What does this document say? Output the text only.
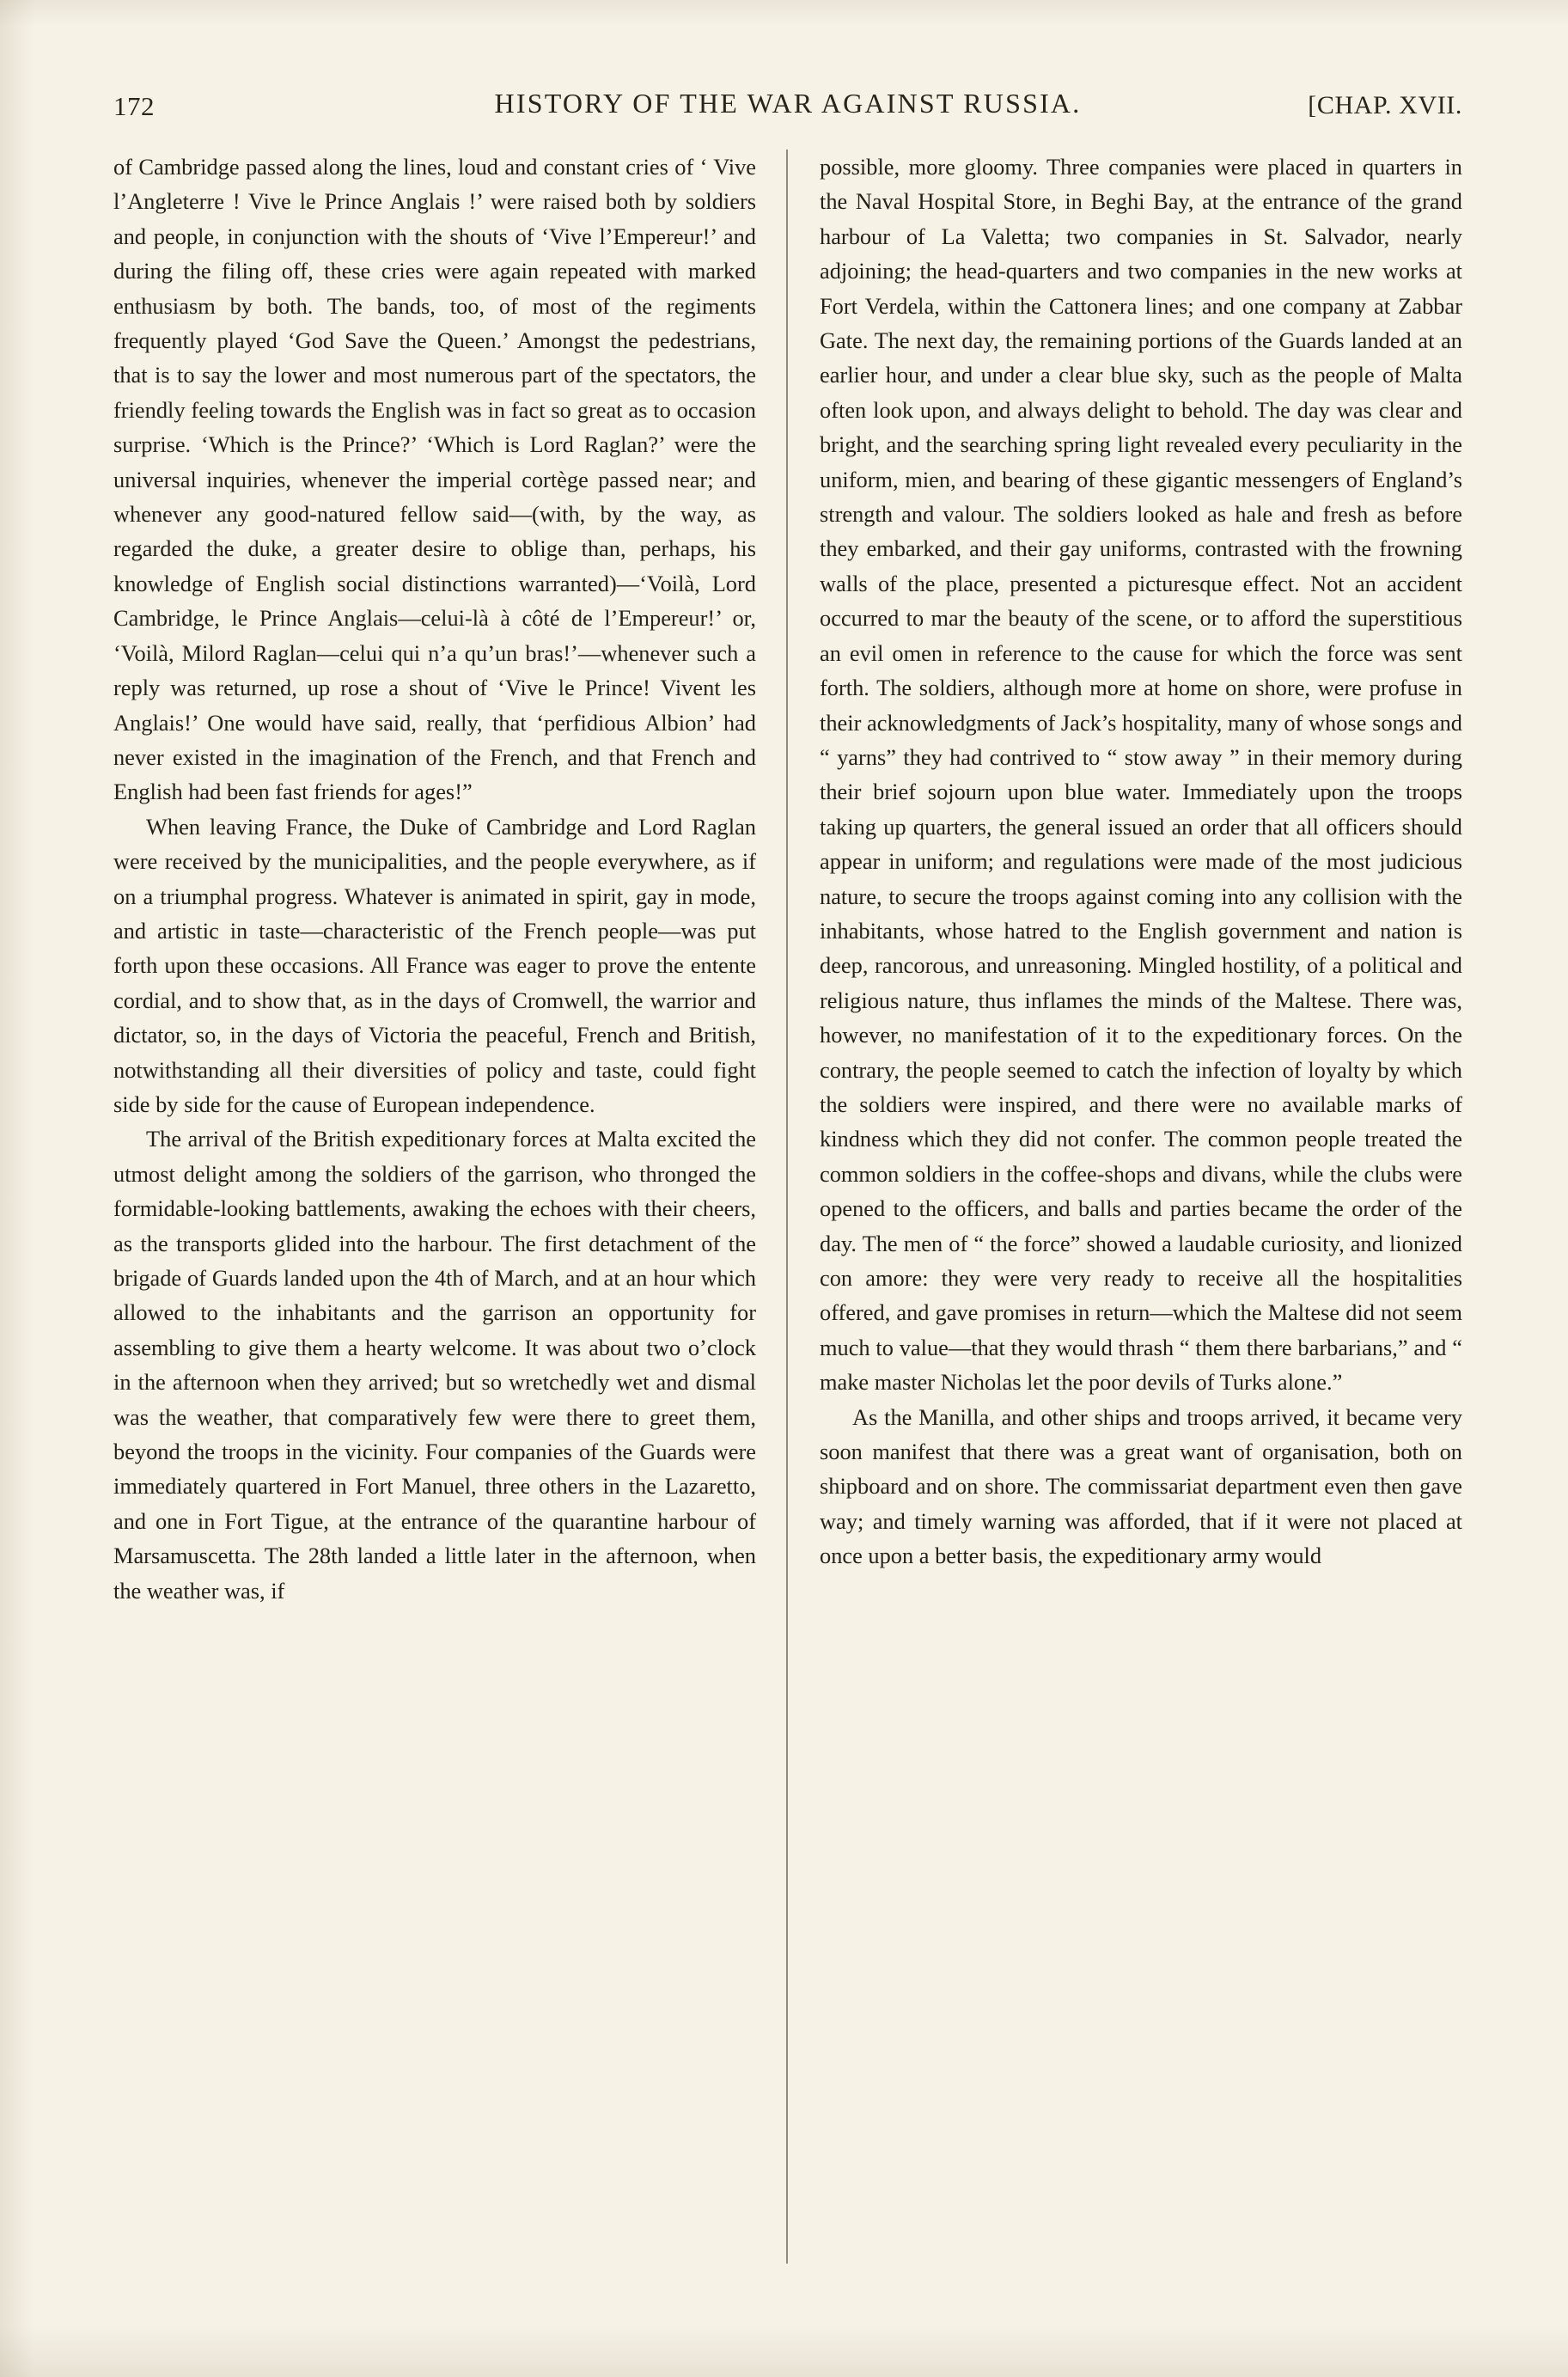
172	HISTORY OF THE WAR AGAINST RUSSIA.	[CHAP. XVII.

of Cambridge passed along the lines, loud and constant cries of ‘ Vive l’Angleterre ! Vive le Prince Anglais !’ were raised both by soldiers and people, in conjunction with the shouts of ‘Vive l’Empereur!’ and during the filing off, these cries were again repeated with marked enthusiasm by both. The bands, too, of most of the regiments frequently played ‘God Save the Queen.’ Amongst the pedestrians, that is to say the lower and most numerous part of the spectators, the friendly feeling towards the English was in fact so great as to occasion surprise. ‘Which is the Prince?’ ‘Which is Lord Raglan?’ were the universal inquiries, whenever the imperial cortège passed near; and whenever any good-natured fellow said—(with, by the way, as regarded the duke, a greater desire to oblige than, perhaps, his knowledge of English social distinctions warranted)—‘Voilà, Lord Cambridge, le Prince Anglais—celui-là à côté de l’Empereur!’ or, ‘Voilà, Milord Raglan—celui qui n’a qu’un bras!’—whenever such a reply was returned, up rose a shout of ‘Vive le Prince! Vivent les Anglais!’ One would have said, really, that ‘perfidious Albion’ had never existed in the imagination of the French, and that French and English had been fast friends for ages!”

When leaving France, the Duke of Cambridge and Lord Raglan were received by the municipalities, and the people everywhere, as if on a triumphal progress. Whatever is animated in spirit, gay in mode, and artistic in taste—characteristic of the French people—was put forth upon these occasions. All France was eager to prove the entente cordial, and to show that, as in the days of Cromwell, the warrior and dictator, so, in the days of Victoria the peaceful, French and British, notwithstanding all their diversities of policy and taste, could fight side by side for the cause of European independence.

The arrival of the British expeditionary forces at Malta excited the utmost delight among the soldiers of the garrison, who thronged the formidable-looking battlements, awaking the echoes with their cheers, as the transports glided into the harbour. The first detachment of the brigade of Guards landed upon the 4th of March, and at an hour which allowed to the inhabitants and the garrison an opportunity for assembling to give them a hearty welcome. It was about two o’clock in the afternoon when they arrived; but so wretchedly wet and dismal was the weather, that comparatively few were there to greet them, beyond the troops in the vicinity. Four companies of the Guards were immediately quartered in Fort Manuel, three others in the Lazaretto, and one in Fort Tigue, at the entrance of the quarantine harbour of Marsamuscetta. The 28th landed a little later in the afternoon, when the weather was, if

possible, more gloomy. Three companies were placed in quarters in the Naval Hospital Store, in Beghi Bay, at the entrance of the grand harbour of La Valetta; two companies in St. Salvador, nearly adjoining; the head-quarters and two companies in the new works at Fort Verdela, within the Cattonera lines; and one company at Zabbar Gate. The next day, the remaining portions of the Guards landed at an earlier hour, and under a clear blue sky, such as the people of Malta often look upon, and always delight to behold. The day was clear and bright, and the searching spring light revealed every peculiarity in the uniform, mien, and bearing of these gigantic messengers of England’s strength and valour. The soldiers looked as hale and fresh as before they embarked, and their gay uniforms, contrasted with the frowning walls of the place, presented a picturesque effect. Not an accident occurred to mar the beauty of the scene, or to afford the superstitious an evil omen in reference to the cause for which the force was sent forth. The soldiers, although more at home on shore, were profuse in their acknowledgments of Jack’s hospitality, many of whose songs and “ yarns” they had contrived to “ stow away ” in their memory during their brief sojourn upon blue water. Immediately upon the troops taking up quarters, the general issued an order that all officers should appear in uniform; and regulations were made of the most judicious nature, to secure the troops against coming into any collision with the inhabitants, whose hatred to the English government and nation is deep, rancorous, and unreasoning. Mingled hostility, of a political and religious nature, thus inflames the minds of the Maltese. There was, however, no manifestation of it to the expeditionary forces. On the contrary, the people seemed to catch the infection of loyalty by which the soldiers were inspired, and there were no available marks of kindness which they did not confer. The common people treated the common soldiers in the coffee-shops and divans, while the clubs were opened to the officers, and balls and parties became the order of the day. The men of “ the force” showed a laudable curiosity, and lionized con amore: they were very ready to receive all the hospitalities offered, and gave promises in return—which the Maltese did not seem much to value—that they would thrash “ them there barbarians,” and “ make master Nicholas let the poor devils of Turks alone.”

As the Manilla, and other ships and troops arrived, it became very soon manifest that there was a great want of organisation, both on shipboard and on shore. The commissariat department even then gave way; and timely warning was afforded, that if it were not placed at once upon a better basis, the expeditionary army would
